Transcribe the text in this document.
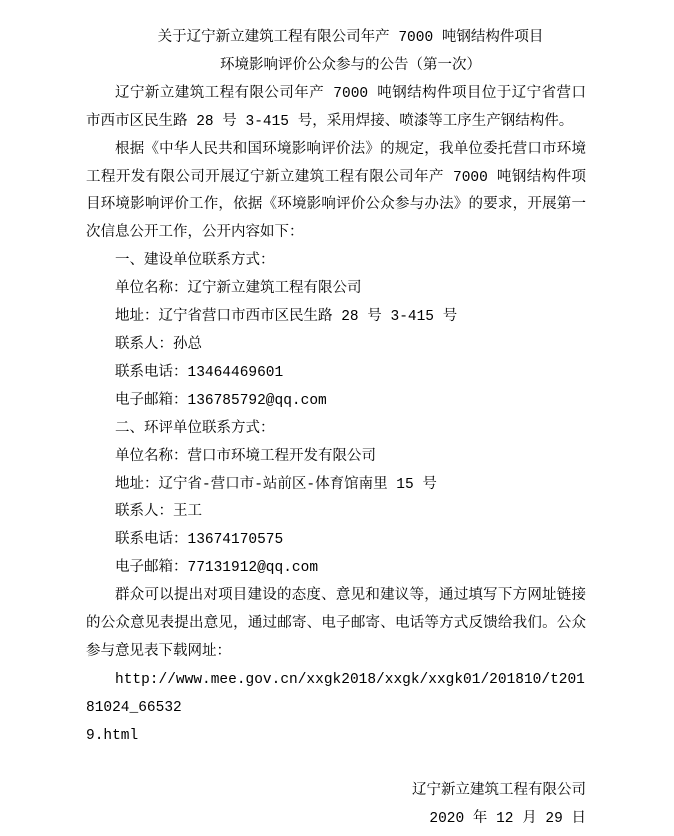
关于辽宁新立建筑工程有限公司年产 7000 吨钢结构件项目

环境影响评价公众参与的公告（第一次）

辽宁新立建筑工程有限公司年产 7000 吨钢结构件项目位于辽宁省营口市西市区民生路 28 号 3-415 号，采用焊接、喷漆等工序生产钢结构件。

根据《中华人民共和国环境影响评价法》的规定，我单位委托营口市环境工程开发有限公司开展辽宁新立建筑工程有限公司年产 7000 吨钢结构件项目环境影响评价工作，依据《环境影响评价公众参与办法》的要求，开展第一次信息公开工作，公开内容如下：

一、建设单位联系方式：

单位名称：辽宁新立建筑工程有限公司

地址：辽宁省营口市西市区民生路 28 号 3-415 号

联系人：孙总

联系电话：13464469601

电子邮箱：136785792@qq.com

二、环评单位联系方式：

单位名称：营口市环境工程开发有限公司

地址：辽宁省-营口市-站前区-体育馆南里 15 号

联系人：王工

联系电话：13674170575

电子邮箱：77131912@qq.com

群众可以提出对项目建设的态度、意见和建议等，通过填写下方网址链接的公众意见表提出意见，通过邮寄、电子邮寄、电话等方式反馈给我们。公众参与意见表下载网址：

http://www.mee.gov.cn/xxgk2018/xxgk/xxgk01/201810/t20181024_66532
9.html

辽宁新立建筑工程有限公司

2020 年 12 月 29 日
